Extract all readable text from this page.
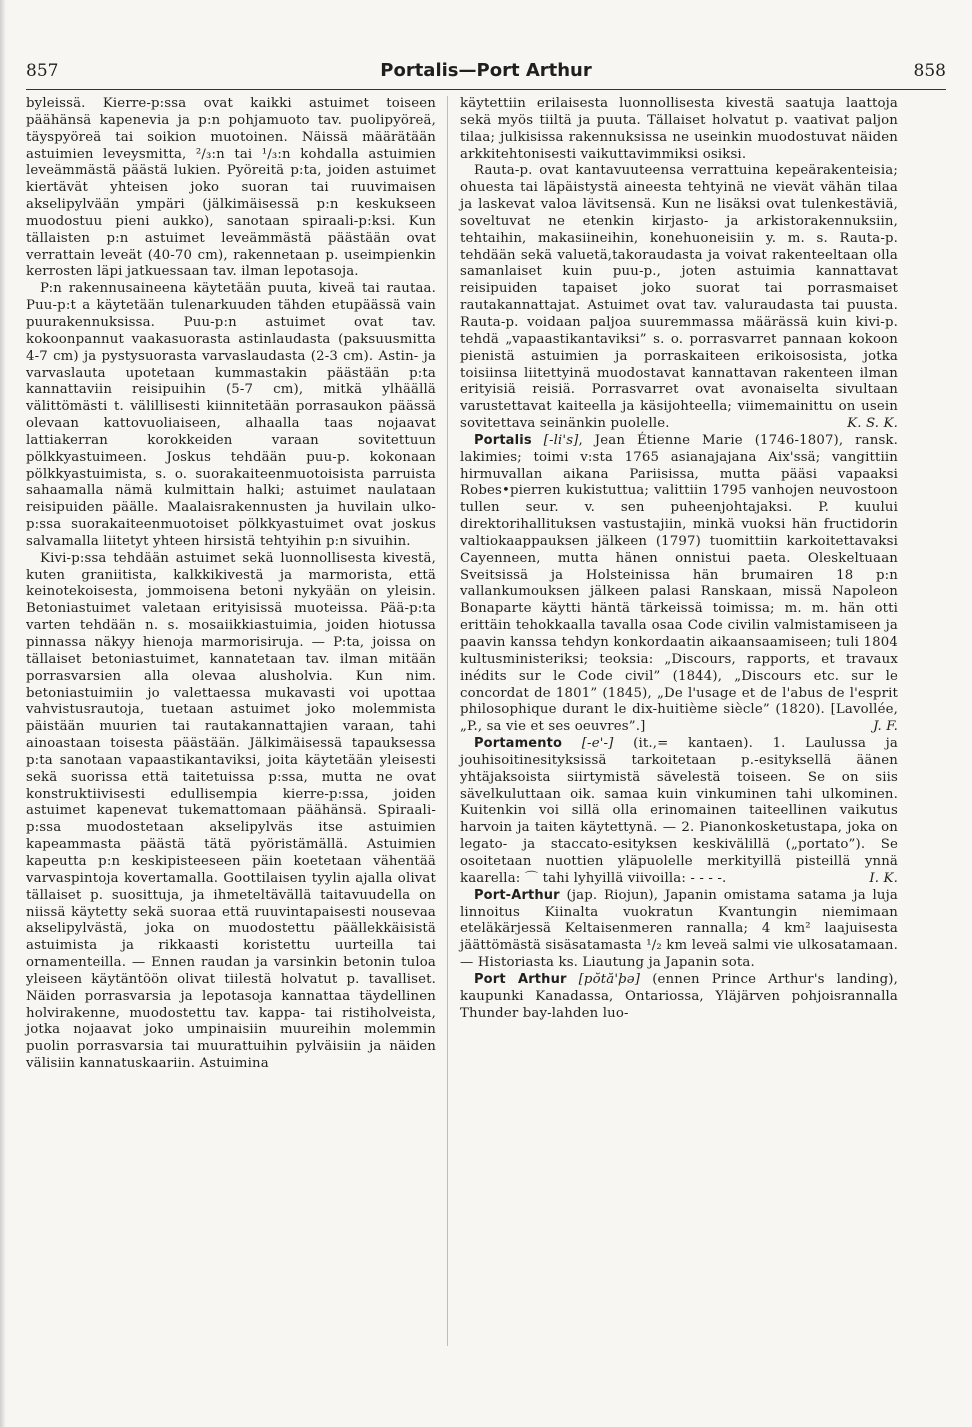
857	Portalis—Port Arthur	858

byleissä. Kierre-p:ssa ovat kaikki astuimet toiseen päähänsä kapenevia ja p:n pohjamuoto tav. puolipyöreä, täyspyöreä tai soikion muotoinen. Näissä määrätään astuimien leveysmitta, ²/₃:n tai ¹/₃:n kohdalla astuimien leveämmästä päästä lukien. Pyöreitä p:ta, joiden astuimet kiertävät yhteisen joko suoran tai ruuvimaisen akselipylvään ympäri (jälkimäisessä p:n keskukseen muodostuu pieni aukko), sanotaan spiraali-p:ksi. Kun tällaisten p:n astuimet leveämmästä päästään ovat verrattain leveät (40-70 cm), rakennetaan p. useimpienkin kerrosten läpi jatkuessaan tav. ilman lepotasoja.

P:n rakennusaineena käytetään puuta, kiveä tai rautaa. Puu-p:t a käytetään tulenarkuuden tähden etupäässä vain puurakennuksissa. Puu-p:n astuimet ovat tav. kokoonpannut vaakasuorasta astinlaudasta (paksuusmitta 4-7 cm) ja pystysuorasta varvaslaudasta (2-3 cm). Astin- ja varvaslauta upotetaan kummastakin päästään p:ta kannattaviin reisipuihin (5-7 cm), mitkä ylhäällä välittömästi t. välillisesti kiinnitetään porrasaukon päässä olevaan kattovuoliaiseen, alhaalla taas nojaavat lattiakerran korokkeiden varaan sovitettuun pölkkyastuimeen. Joskus tehdään puu-p. kokonaan pölkkyastuimista, s. o. suorakaiteenmuotoisista parruista sahaamalla nämä kulmittain halki; astuimet naulataan reisipuiden päälle. Maalaisrakennusten ja huvilain ulko-p:ssa suorakaiteenmuotoiset pölkkyastuimet ovat joskus salvamalla liitetyt yhteen hirsistä tehtyihin p:n sivuihin.

Kivi-p:ssa tehdään astuimet sekä luonnollisesta kivestä, kuten graniitista, kalkkikivestä ja marmorista, että keinotekoisesta, jommoisena betoni nykyään on yleisin. Betoniastuimet valetaan erityisissä muoteissa. Pää-p:ta varten tehdään n. s. mosaiikkiastuimia, joiden hiotussa pinnassa näkyy hienoja marmorisiruja. — P:ta, joissa on tällaiset betoniastuimet, kannatetaan tav. ilman mitään porrasvarsien alla olevaa alusholvia. Kun nim. betoniastuimiin jo valettaessa mukavasti voi upottaa vahvistusrautoja, tuetaan astuimet joko molemmista päistään muurien tai rautakannattajien varaan, tahi ainoastaan toisesta päästään. Jälkimäisessä tapauksessa p:ta sanotaan vapaastikantaviksi, joita käytetään yleisesti sekä suorissa että taitetuissa p:ssa, mutta ne ovat konstruktiivisesti edullisempia kierre-p:ssa, joiden astuimet kapenevat tukemattomaan päähänsä. Spiraali-p:ssa muodostetaan akselipylväs itse astuimien kapeammasta päästä tätä pyöristämällä. Astuimien kapeutta p:n keskipisteeseen päin koetetaan vähentää varvaspintoja kovertamalla. Goottilaisen tyylin ajalla olivat tällaiset p. suosittuja, ja ihmeteltävällä taitavuudella on niissä käytetty sekä suoraa että ruuvintapaisesti nousevaa akselipylvästä, joka on muodostettu päällekkäisistä astuimista ja rikkaasti koristettu uurteilla tai ornamenteilla. — Ennen raudan ja varsinkin betonin tuloa yleiseen käytäntöön olivat tiilestä holvatut p. tavalliset. Näiden porrasvarsia ja lepotasoja kannattaa täydellinen holvirakenne, muodostettu tav. kappa- tai ristiholveista, jotka nojaavat joko umpinaisiin muureihin molemmin puolin porrasvarsia tai muurattuihin pylväisiin ja näiden välisiin kannatuskaariin. Astuimina

käytettiin erilaisesta luonnollisesta kivestä saatuja laattoja sekä myös tiiltä ja puuta. Tällaiset holvatut p. vaativat paljon tilaa; julkisissa rakennuksissa ne useinkin muodostuvat näiden arkkitehtonisesti vaikuttavimmiksi osiksi.

Rauta-p. ovat kantavuuteensa verrattuina kepeärakenteisia; ohuesta tai läpäistystä aineesta tehtyinä ne vievät vähän tilaa ja laskevat valoa lävitsensä. Kun ne lisäksi ovat tulenkestäviä, soveltuvat ne etenkin kirjasto- ja arkistorakennuksiin, tehtaihin, makasiineihin, konehuoneisiin y. m. s. Rauta-p. tehdään sekä valuetä,takoraudasta ja voivat rakenteeltaan olla samanlaiset kuin puu-p., joten astuimia kannattavat reisipuiden tapaiset joko suorat tai porrasmaiset rautakannattajat. Astuimet ovat tav. valuraudasta tai puusta. Rauta-p. voidaan paljoa suuremmassa määrässä kuin kivi-p. tehdä „vapaastikantaviksi” s. o. porrasvarret pannaan kokoon pienistä astuimien ja porraskaiteen erikoisosista, jotka toisiinsa liitettyinä muodostavat kannattavan rakenteen ilman erityisiä reisiä. Porrasvarret ovat avonaiselta sivultaan varustettavat kaiteella ja käsijohteella; viimemainittu on usein sovitettava seinänkin puolelle.	K. S. K.

Portalis [-li's], Jean Étienne Marie (1746-1807), ransk. lakimies; toimi v:sta 1765 asianajajana Aix'ssä; vangittiin hirmuvallan aikana Pariisissa, mutta pääsi vapaaksi Robes•pierren kukistuttua; valittiin 1795 vanhojen neuvostoon tullen seur. v. sen puheenjohtajaksi. P. kuului direktorihallituksen vastustajiin, minkä vuoksi hän fructidorin valtiokaappauksen jälkeen (1797) tuomittiin karkoitettavaksi Cayenneen, mutta hänen onnistui paeta. Oleskeltuaan Sveitsissä ja Holsteinissa hän brumairen 18 p:n vallankumouksen jälkeen palasi Ranskaan, missä Napoleon Bonaparte käytti häntä tärkeissä toimissa; m. m. hän otti erittäin tehokkaalla tavalla osaa Code civilin valmistamiseen ja paavin kanssa tehdyn konkordaatin aikaansaamiseen; tuli 1804 kultusministeriksi; teoksia: „Discours, rapports, et travaux inédits sur le Code civil” (1844), „Discours etc. sur le concordat de 1801” (1845), „De l'usage et de l'abus de l'esprit philosophique durant le dix-huitième siècle” (1820). [Lavollée, „P., sa vie et ses oeuvres”.]	J. F.

Portamento [-e'-] (it.,= kantaen). 1. Laulussa ja jouhisoitinesityksissä tarkoitetaan p.-esityksellä äänen yhtäjaksoista siirtymistä sävelestä toiseen. Se on siis sävelkuluttaan oik. samaa kuin vinkuminen tahi ulkominen. Kuitenkin voi sillä olla erinomainen taiteellinen vaikutus harvoin ja taiten käytettynä. — 2. Pianonkosketustapa, joka on legato- ja staccato-esityksen keskivälillä („portato”). Se osoitetaan nuottien yläpuolelle merkityillä pisteillä ynnä kaarella: ⌒ tahi lyhyillä viivoilla: - - - -.	I. K.

Port-Arthur (jap. Riojun), Japanin omistama satama ja luja linnoitus Kiinalta vuokratun Kvantungin niemimaan eteläkärjessä Keltaisenmeren rannalla; 4 km² laajuisesta jäättömästä sisäsatamasta ¹/₂ km leveä salmi vie ulkosatamaan. — Historiasta ks. Liautung ja Japanin sota.

Port Arthur [pŏtă'þə] (ennen Prince Arthur's landing), kaupunki Kanadassa, Ontariossa, Yläjärven pohjoisrannalla Thunder bay-lahden luo-
